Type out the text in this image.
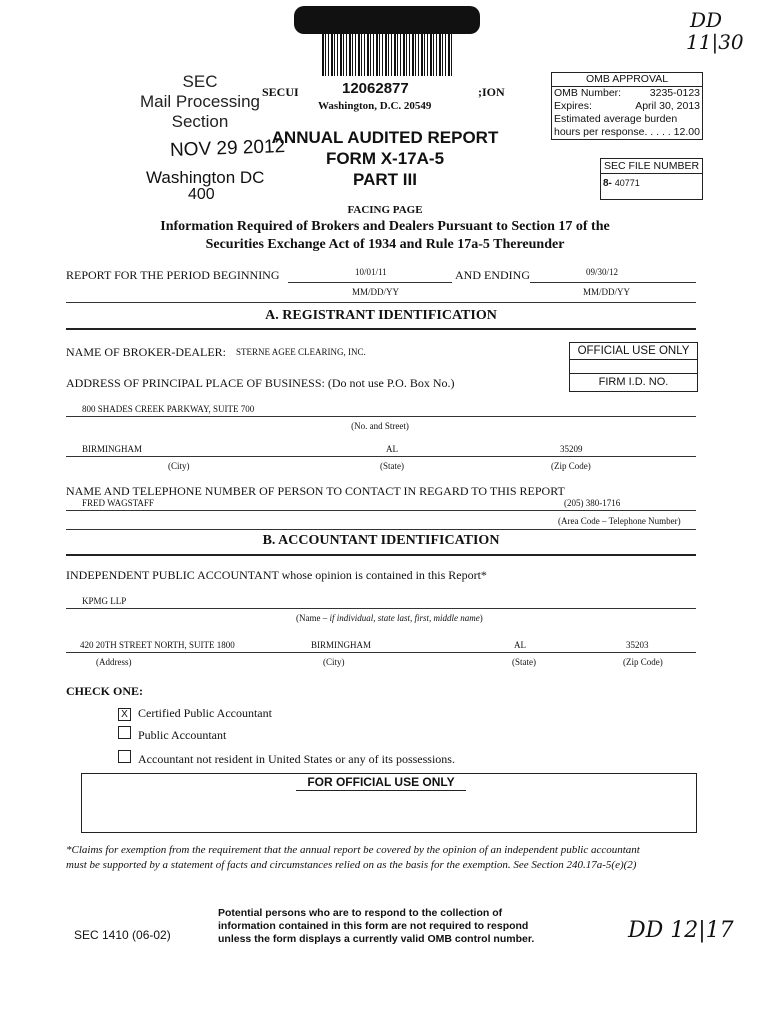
12062877
DD
11|30
SEC
Mail Processing
Section
NOV 29 2012
Washington DC
400
SECUI	;ION
Washington, D.C. 20549
ANNUAL AUDITED REPORT
FORM X-17A-5
PART III
OMB APPROVAL
OMB Number:	3235-0123
Expires:	April 30, 2013
Estimated average burden
hours per response. . . . . 12.00
SEC FILE NUMBER
8- 40771
FACING PAGE
Information Required of Brokers and Dealers Pursuant to Section 17 of the
Securities Exchange Act of 1934 and Rule 17a-5 Thereunder
REPORT FOR THE PERIOD BEGINNING	10/01/11	AND ENDING	09/30/12
MM/DD/YY	MM/DD/YY
A. REGISTRANT IDENTIFICATION
NAME OF BROKER-DEALER: STERNE AGEE CLEARING, INC.
ADDRESS OF PRINCIPAL PLACE OF BUSINESS: (Do not use P.O. Box No.)
OFFICIAL USE ONLY
FIRM I.D. NO.
800 SHADES CREEK PARKWAY, SUITE 700
(No. and Street)
BIRMINGHAM	AL	35209
(City)	(State)	(Zip Code)
NAME AND TELEPHONE NUMBER OF PERSON TO CONTACT IN REGARD TO THIS REPORT
FRED WAGSTAFF	(205) 380-1716
(Area Code – Telephone Number)
B. ACCOUNTANT IDENTIFICATION
INDEPENDENT PUBLIC ACCOUNTANT whose opinion is contained in this Report*
KPMG LLP
(Name – if individual, state last, first, middle name)
420 20TH STREET NORTH, SUITE 1800	BIRMINGHAM	AL	35203
(Address)	(City)	(State)	(Zip Code)
CHECK ONE:
X Certified Public Accountant
Public Accountant
Accountant not resident in United States or any of its possessions.
FOR OFFICIAL USE ONLY
*Claims for exemption from the requirement that the annual report be covered by the opinion of an independent public accountant
must be supported by a statement of facts and circumstances relied on as the basis for the exemption. See Section 240.17a-5(e)(2)
SEC 1410 (06-02)
Potential persons who are to respond to the collection of
information contained in this form are not required to respond
unless the form displays a currently valid OMB control number.	DD 12|17
